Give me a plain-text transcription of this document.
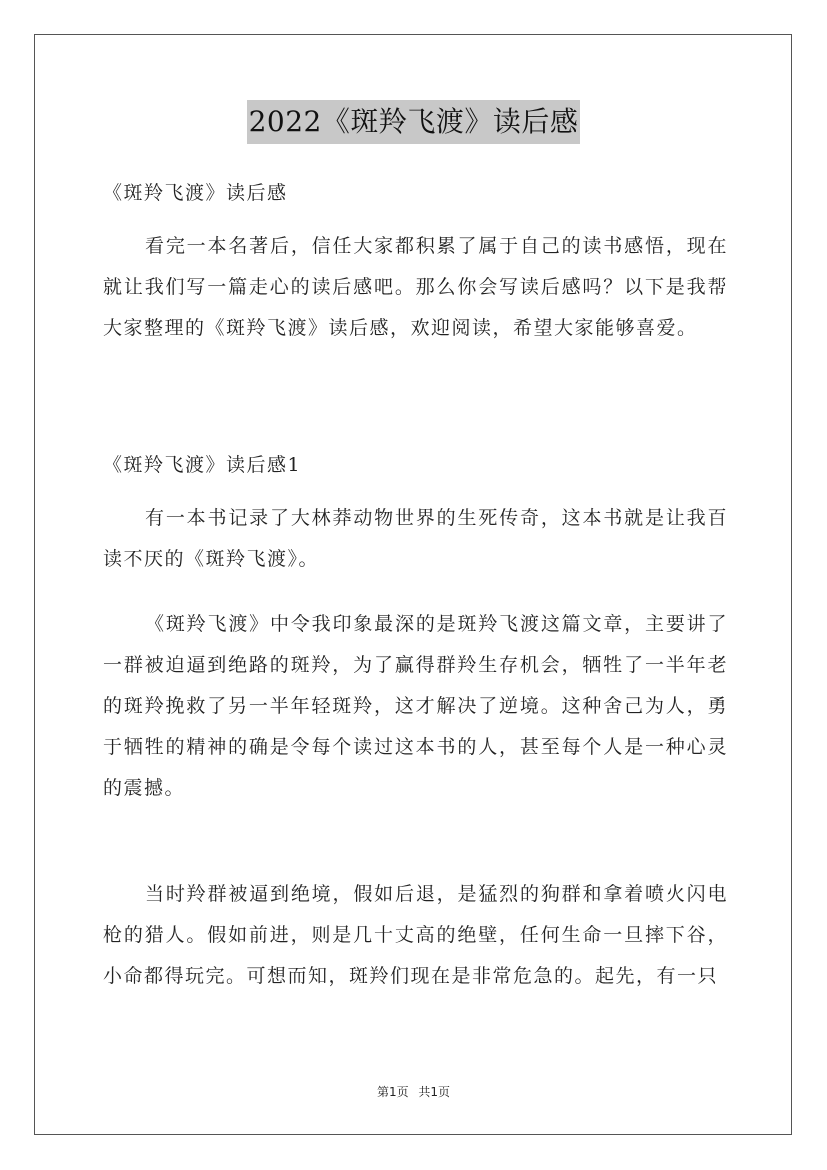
2022《斑羚飞渡》读后感
《斑羚飞渡》读后感
看完一本名著后，信任大家都积累了属于自己的读书感悟，现在就让我们写一篇走心的读后感吧。那么你会写读后感吗？以下是我帮大家整理的《斑羚飞渡》读后感，欢迎阅读，希望大家能够喜爱。
《斑羚飞渡》读后感1
有一本书记录了大林莽动物世界的生死传奇，这本书就是让我百读不厌的《斑羚飞渡》。
《斑羚飞渡》中令我印象最深的是斑羚飞渡这篇文章，主要讲了一群被迫逼到绝路的斑羚，为了赢得群羚生存机会，牺牲了一半年老的斑羚挽救了另一半年轻斑羚，这才解决了逆境。这种舍己为人，勇于牺牲的精神的确是令每个读过这本书的人，甚至每个人是一种心灵的震撼。
当时羚群被逼到绝境，假如后退，是猛烈的狗群和拿着喷火闪电枪的猎人。假如前进，则是几十丈高的绝壁，任何生命一旦摔下谷，小命都得玩完。可想而知，斑羚们现在是非常危急的。起先，有一只
第1页 共1页
